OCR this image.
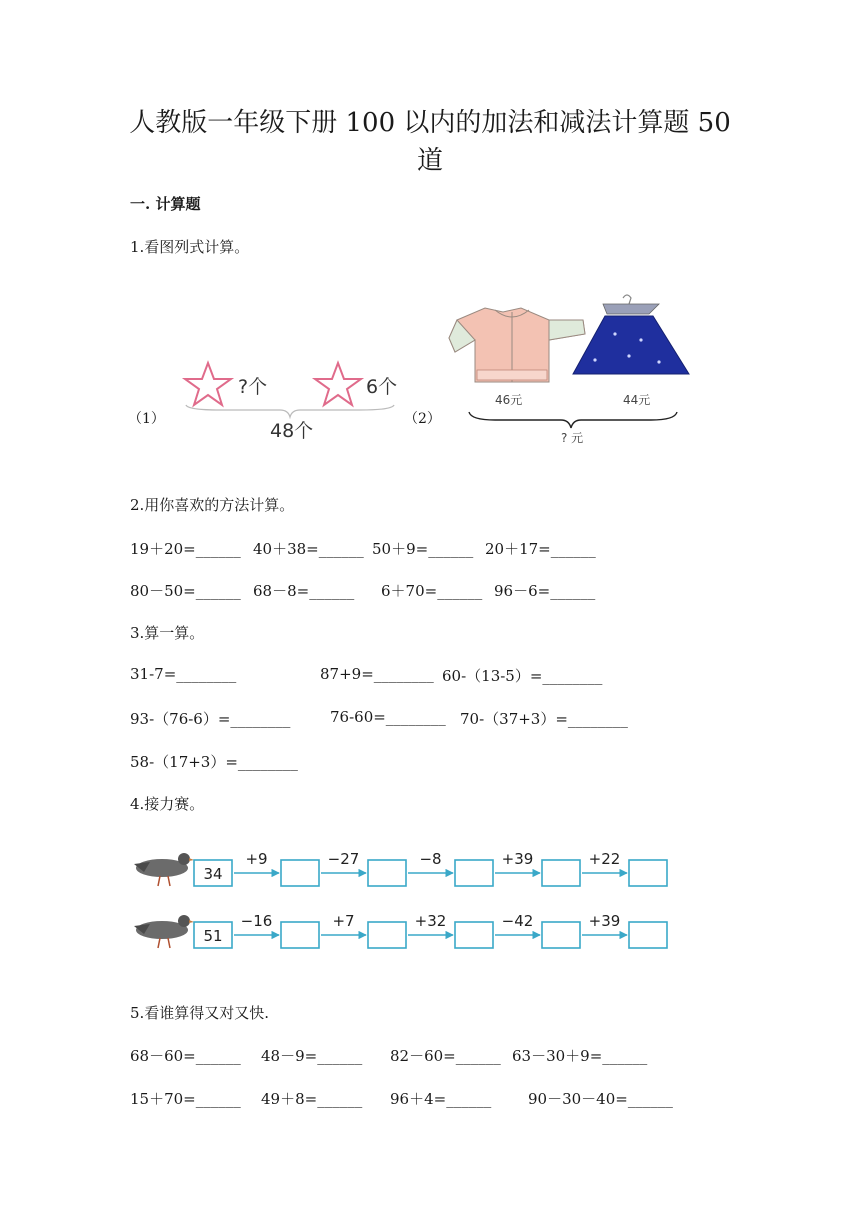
人教版一年级下册 100 以内的加法和减法计算题 50 道
一. 计算题
1.看图列式计算。
（1）
?个	6个
48个
（2）
46元	44元
? 元
2.用你喜欢的方法计算。
19＋20=______ 40＋38=______ 50＋9=______ 20＋17=______
80－50=______ 68－8=______ 6＋70=______ 96－6=______
3.算一算。
31-7=________	87+9=________ 60-（13-5）=________
93-（76-6）=________	76-60=________ 70-（37+3）=________
58-（17+3）=________
4.接力赛。
34
+9	−27	−8	+39	+22
51
−16	+7	+32	−42	+39
5.看谁算得又对又快.
68－60=______ 48－9=______ 82－60=______ 63－30＋9=______
15＋70=______ 49＋8=______ 96＋4=______ 90－30－40=______
